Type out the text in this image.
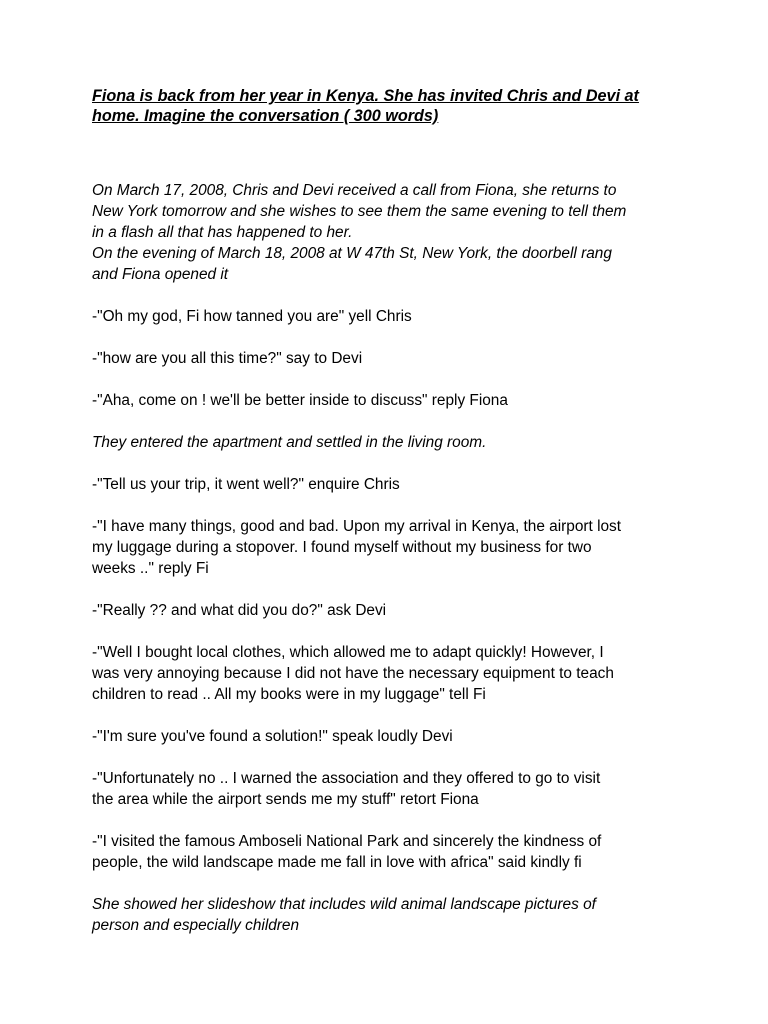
Fiona is back from her year in Kenya. She has invited Chris and Devi at
home. Imagine the conversation ( 300 words)

On March 17, 2008, Chris and Devi received a call from Fiona, she returns to
New York tomorrow and she wishes to see them the same evening to tell them
in a flash all that has happened to her.
On the evening of March 18, 2008 at W 47th St, New York, the doorbell rang
and Fiona opened it

-"Oh my god, Fi how tanned you are" yell Chris

-"how are you all this time?" say to Devi

-"Aha, come on ! we'll be better inside to discuss" reply Fiona

They entered the apartment and settled in the living room.

-"Tell us your trip, it went well?" enquire Chris

-"I have many things, good and bad. Upon my arrival in Kenya, the airport lost
my luggage during a stopover. I found myself without my business for two
weeks .." reply Fi

-"Really ?? and what did you do?" ask Devi

-"Well I bought local clothes, which allowed me to adapt quickly! However, I
was very annoying because I did not have the necessary equipment to teach
children to read .. All my books were in my luggage" tell Fi

-"I'm sure you've found a solution!" speak loudly Devi

-"Unfortunately no .. I warned the association and they offered to go to visit
the area while the airport sends me my stuff" retort Fiona

-"I visited the famous Amboseli National Park and sincerely the kindness of
people, the wild landscape made me fall in love with africa" said kindly fi

She showed her slideshow that includes wild animal landscape pictures of
person and especially children
